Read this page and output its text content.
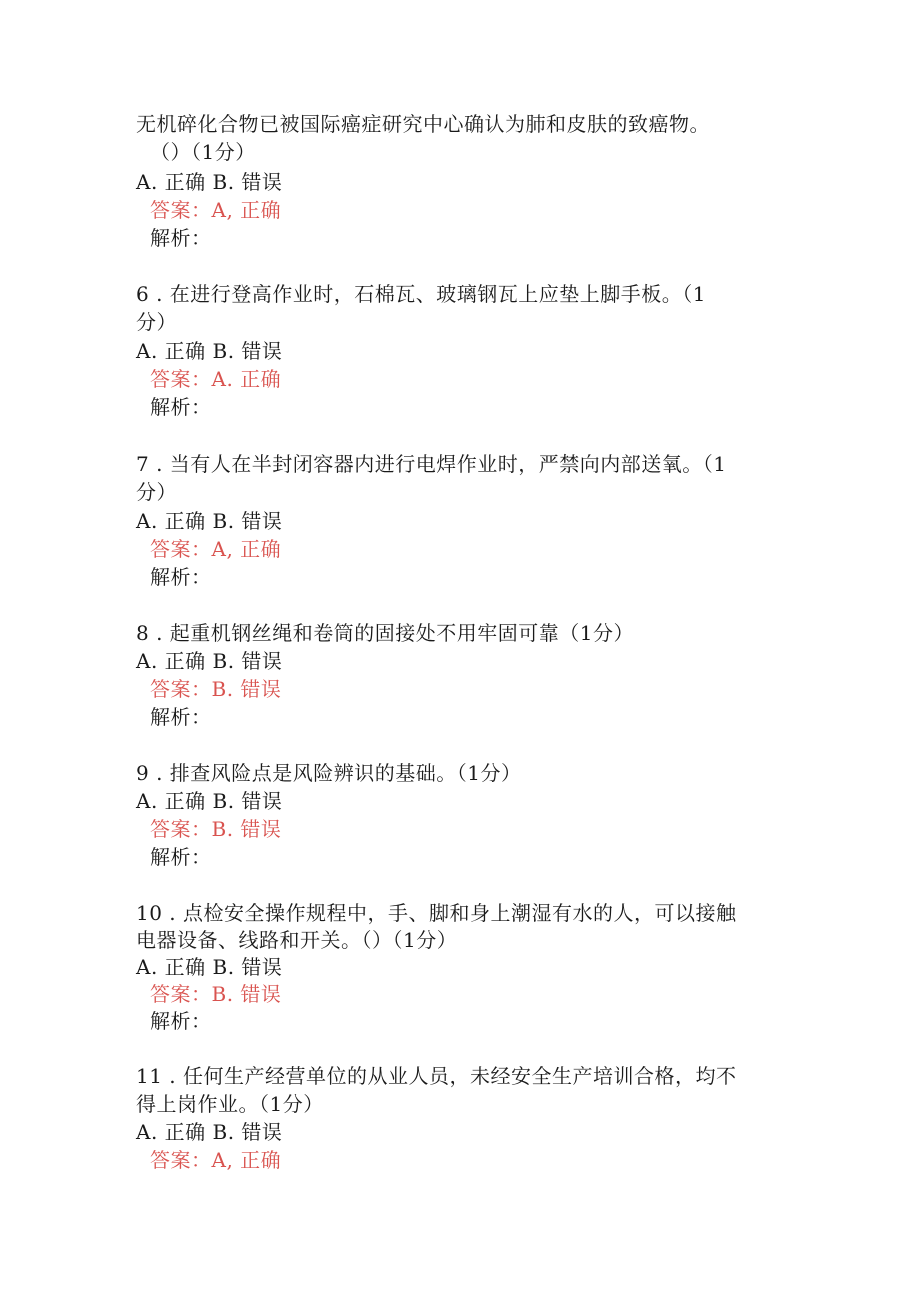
无机碎化合物已被国际癌症研究中心确认为肺和皮肤的致癌物。
（）（1分）
A. 正确 B. 错误
答案：A, 正确
解析：
6 . 在进行登高作业时，石棉瓦、玻璃钢瓦上应垫上脚手板。（1
分）
A. 正确 B. 错误
答案：A. 正确
解析：
7 . 当有人在半封闭容器内进行电焊作业时，严禁向内部送氧。（1
分）
A. 正确 B. 错误
答案：A, 正确
解析：
8 . 起重机钢丝绳和卷筒的固接处不用牢固可靠（1分）
A. 正确 B. 错误
答案：B. 错误
解析：
9 . 排查风险点是风险辨识的基础。（1分）
A. 正确 B. 错误
答案：B. 错误
解析：
10 . 点检安全操作规程中，手、脚和身上潮湿有水的人，可以接触
电器设备、线路和开关。（）（1分）
A. 正确 B. 错误
答案：B. 错误
解析：
11 . 任何生产经营单位的从业人员，未经安全生产培训合格，均不
得上岗作业。（1分）
A. 正确 B. 错误
答案：A, 正确
